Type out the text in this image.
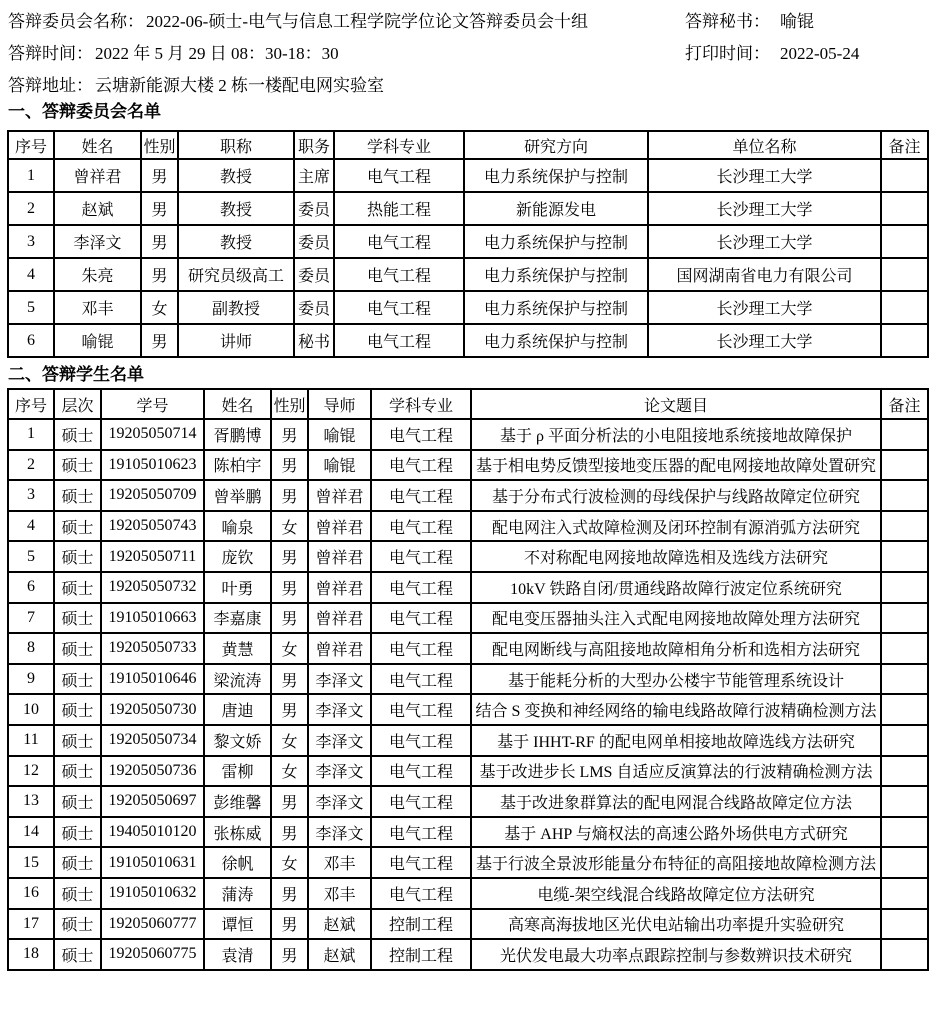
答辩委员会名称： 2022-06-硕士-电气与信息工程学院学位论文答辩委员会十组	答辩秘书： 喻锟
答辩时间： 2022 年 5 月 29 日 08：30-18：30	打印时间： 2022-05-24
答辩地址： 云塘新能源大楼 2 栋一楼配电网实验室
一、答辩委员会名单
序号	姓名	性别	职称	职务	学科专业	研究方向	单位名称	备注
1	曾祥君	男	教授	主席	电气工程	电力系统保护与控制	长沙理工大学	
2	赵斌	男	教授	委员	热能工程	新能源发电	长沙理工大学	
3	李泽文	男	教授	委员	电气工程	电力系统保护与控制	长沙理工大学	
4	朱亮	男	研究员级高工	委员	电气工程	电力系统保护与控制	国网湖南省电力有限公司	
5	邓丰	女	副教授	委员	电气工程	电力系统保护与控制	长沙理工大学	
6	喻锟	男	讲师	秘书	电气工程	电力系统保护与控制	长沙理工大学	
二、答辩学生名单
序号	层次	学号	姓名	性别	导师	学科专业	论文题目	备注
1	硕士	19205050714	胥鹏博	男	喻锟	电气工程	基于 ρ 平面分析法的小电阻接地系统接地故障保护	
2	硕士	19105010623	陈柏宇	男	喻锟	电气工程	基于相电势反馈型接地变压器的配电网接地故障处置研究	
3	硕士	19205050709	曾举鹏	男	曾祥君	电气工程	基于分布式行波检测的母线保护与线路故障定位研究	
4	硕士	19205050743	喻泉	女	曾祥君	电气工程	配电网注入式故障检测及闭环控制有源消弧方法研究	
5	硕士	19205050711	庞钦	男	曾祥君	电气工程	不对称配电网接地故障选相及选线方法研究	
6	硕士	19205050732	叶勇	男	曾祥君	电气工程	10kV 铁路自闭/贯通线路故障行波定位系统研究	
7	硕士	19105010663	李嘉康	男	曾祥君	电气工程	配电变压器抽头注入式配电网接地故障处理方法研究	
8	硕士	19205050733	黄慧	女	曾祥君	电气工程	配电网断线与高阻接地故障相角分析和选相方法研究	
9	硕士	19105010646	梁流涛	男	李泽文	电气工程	基于能耗分析的大型办公楼宇节能管理系统设计	
10	硕士	19205050730	唐迪	男	李泽文	电气工程	结合 S 变换和神经网络的输电线路故障行波精确检测方法	
11	硕士	19205050734	黎文娇	女	李泽文	电气工程	基于 IHHT-RF 的配电网单相接地故障选线方法研究	
12	硕士	19205050736	雷柳	女	李泽文	电气工程	基于改进步长 LMS 自适应反演算法的行波精确检测方法	
13	硕士	19205050697	彭维馨	男	李泽文	电气工程	基于改进象群算法的配电网混合线路故障定位方法	
14	硕士	19405010120	张栋威	男	李泽文	电气工程	基于 AHP 与熵权法的高速公路外场供电方式研究	
15	硕士	19105010631	徐帆	女	邓丰	电气工程	基于行波全景波形能量分布特征的高阻接地故障检测方法	
16	硕士	19105010632	蒲涛	男	邓丰	电气工程	电缆-架空线混合线路故障定位方法研究	
17	硕士	19205060777	谭恒	男	赵斌	控制工程	高寒高海拔地区光伏电站输出功率提升实验研究	
18	硕士	19205060775	袁清	男	赵斌	控制工程	光伏发电最大功率点跟踪控制与参数辨识技术研究	
